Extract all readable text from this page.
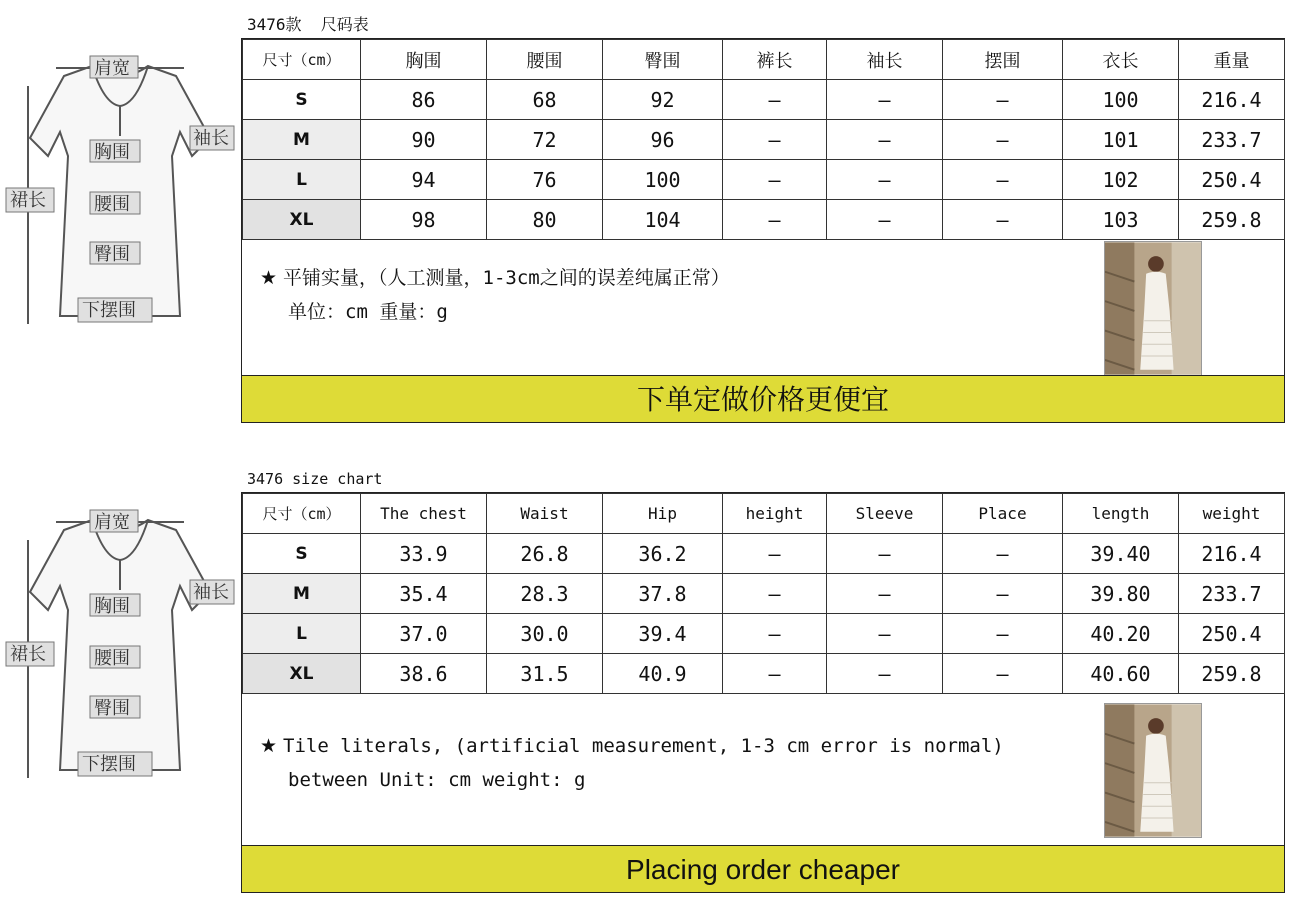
肩宽
袖长
胸围
裙长	腰围
臀围
下摆围
3476款  尺码表
尺寸（cm）	胸围	腰围	臀围	裤长	袖长	摆围	衣长	重量
S	86	68	92	—	—	—	100	216.4
M	90	72	96	—	—	—	101	233.7
L	94	76	100	—	—	—	102	250.4
XL	98	80	104	—	—	—	103	259.8
★ 平铺实量，（人工测量，1-3cm之间的误差纯属正常）
单位：cm 重量：g
下单定做价格更便宜
肩宽
袖长
胸围
裙长	腰围
臀围
下摆围
3476 size chart
尺寸（cm）	The chest	Waist	Hip	height	Sleeve	Place	length	weight
S	33.9	26.8	36.2	—	—	—	39.40	216.4
M	35.4	28.3	37.8	—	—	—	39.80	233.7
L	37.0	30.0	39.4	—	—	—	40.20	250.4
XL	38.6	31.5	40.9	—	—	—	40.60	259.8
★ Tile literals, (artificial measurement, 1-3 cm error is normal)
between Unit: cm weight: g
Placing order cheaper
